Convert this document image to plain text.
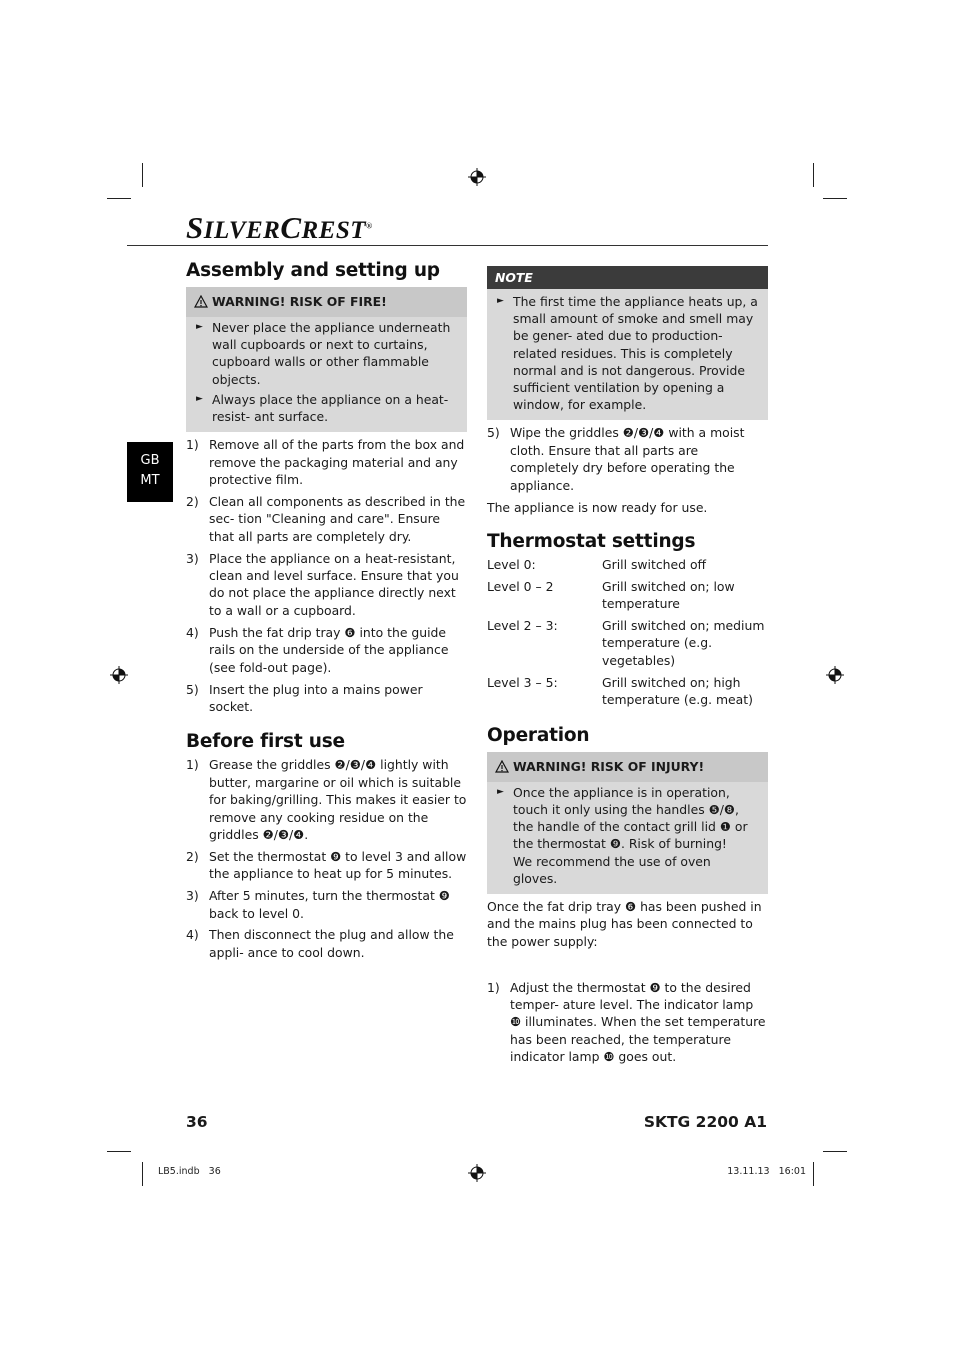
SILVERCREST®
GB
MT
Assembly and setting up
WARNING! RISK OF FIRE!
► Never place the appliance underneath wall cupboards or next to curtains, cupboard walls or other flammable objects.
► Always place the appliance on a heat-resist- ant surface.
1) Remove all of the parts from the box and remove the packaging material and any protective film.
2) Clean all components as described in the sec- tion "Cleaning and care". Ensure that all parts are completely dry.
3) Place the appliance on a heat-resistant, clean and level surface. Ensure that you do not place the appliance directly next to a wall or a cupboard.
4) Push the fat drip tray ❻ into the guide rails on the underside of the appliance (see fold-out page).
5) Insert the plug into a mains power socket.
Before first use
1) Grease the griddles ❷/❸/❹ lightly with butter, margarine or oil which is suitable for baking/grilling. This makes it easier to remove any cooking residue on the griddles ❷/❸/❹.
2) Set the thermostat ❾ to level 3 and allow the appliance to heat up for 5 minutes.
3) After 5 minutes, turn the thermostat ❾ back to level 0.
4) Then disconnect the plug and allow the appli- ance to cool down.
NOTE
► The first time the appliance heats up, a small amount of smoke and smell may be gener- ated due to production-related residues. This is completely normal and is not dangerous. Provide sufficient ventilation by opening a window, for example.
5) Wipe the griddles ❷/❸/❹ with a moist cloth. Ensure that all parts are completely dry before operating the appliance.

The appliance is now ready for use.

Thermostat settings
Level 0:	Grill switched off
Level 0 – 2	Grill switched on; low temperature
Level 2 – 3:	Grill switched on; medium temperature (e.g. vegetables)
Level 3 – 5:	Grill switched on; high temperature (e.g. meat)
Operation
WARNING! RISK OF INJURY!
► Once the appliance is in operation, touch it only using the handles ❺/❽, the handle of the contact grill lid ❶ or the thermostat ❾. Risk of burning!
We recommend the use of oven gloves.

Once the fat drip tray ❻ has been pushed in and the mains plug has been connected to the power supply:

1) Adjust the thermostat ❾ to the desired temper- ature level. The indicator lamp ❿ illuminates. When the set temperature has been reached, the temperature indicator lamp ❿ goes out.
36	SKTG 2200 A1
LB5.indb   36	13.11.13   16:01
